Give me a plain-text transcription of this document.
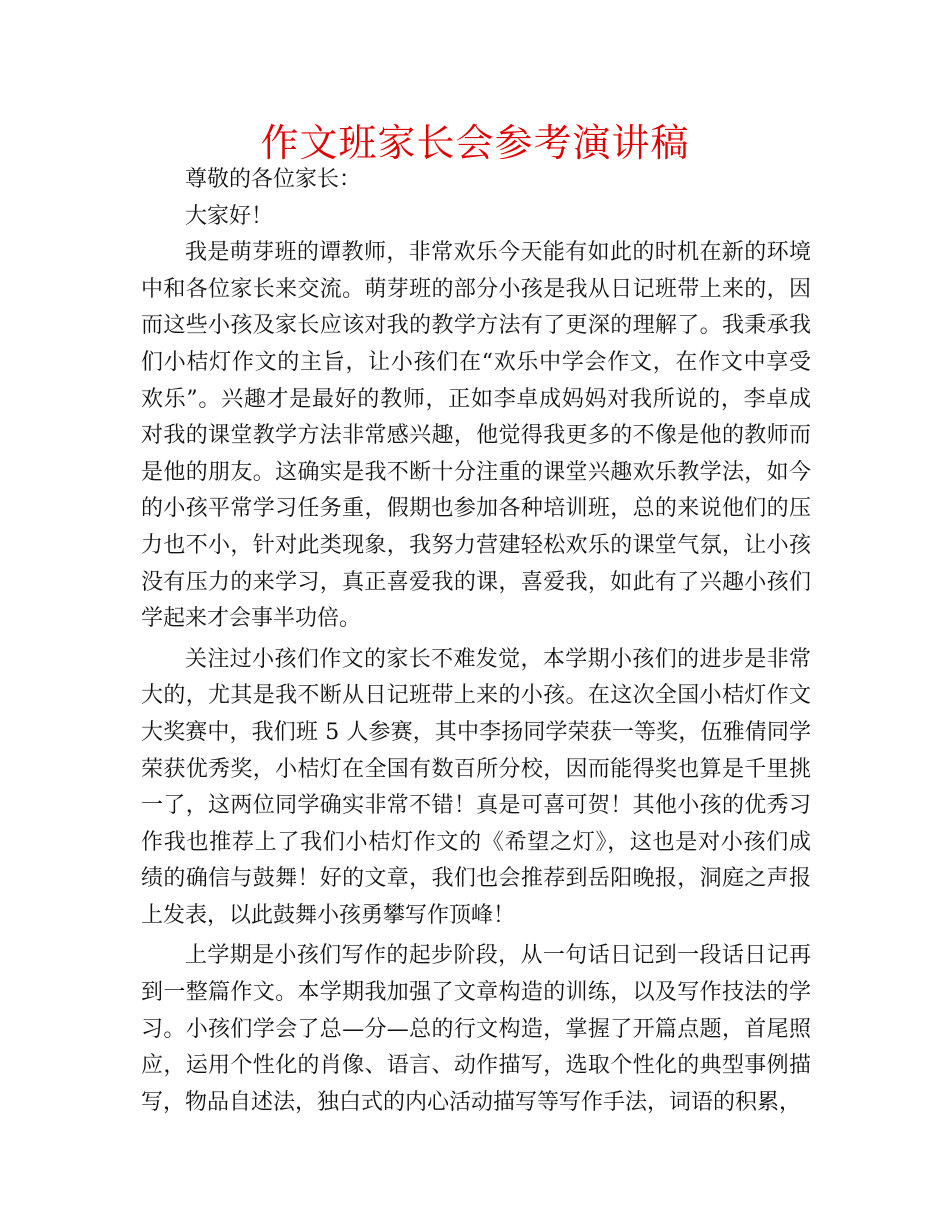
作文班家长会参考演讲稿

尊敬的各位家长：

大家好！

我是萌芽班的谭教师，非常欢乐今天能有如此的时机在新的环境中和各位家长来交流。萌芽班的部分小孩是我从日记班带上来的，因而这些小孩及家长应该对我的教学方法有了更深的理解了。我秉承我们小桔灯作文的主旨，让小孩们在“欢乐中学会作文，在作文中享受欢乐”。兴趣才是最好的教师，正如李卓成妈妈对我所说的，李卓成对我的课堂教学方法非常感兴趣，他觉得我更多的不像是他的教师而是他的朋友。这确实是我不断十分注重的课堂兴趣欢乐教学法，如今的小孩平常学习任务重，假期也参加各种培训班，总的来说他们的压力也不小，针对此类现象，我努力营建轻松欢乐的课堂气氛，让小孩没有压力的来学习，真正喜爱我的课，喜爱我，如此有了兴趣小孩们学起来才会事半功倍。

关注过小孩们作文的家长不难发觉，本学期小孩们的进步是非常大的，尤其是我不断从日记班带上来的小孩。在这次全国小桔灯作文大奖赛中，我们班 5 人参赛，其中李扬同学荣获一等奖，伍雅倩同学荣获优秀奖，小桔灯在全国有数百所分校，因而能得奖也算是千里挑一了，这两位同学确实非常不错！真是可喜可贺！其他小孩的优秀习作我也推荐上了我们小桔灯作文的《希望之灯》，这也是对小孩们成绩的确信与鼓舞！好的文章，我们也会推荐到岳阳晚报，洞庭之声报上发表，以此鼓舞小孩勇攀写作顶峰！

上学期是小孩们写作的起步阶段，从一句话日记到一段话日记再到一整篇作文。本学期我加强了文章构造的训练，以及写作技法的学习。小孩们学会了总—分—总的行文构造，掌握了开篇点题，首尾照应，运用个性化的肖像、语言、动作描写，选取个性化的典型事例描写，物品自述法，独白式的内心活动描写等写作手法，词语的积累，
